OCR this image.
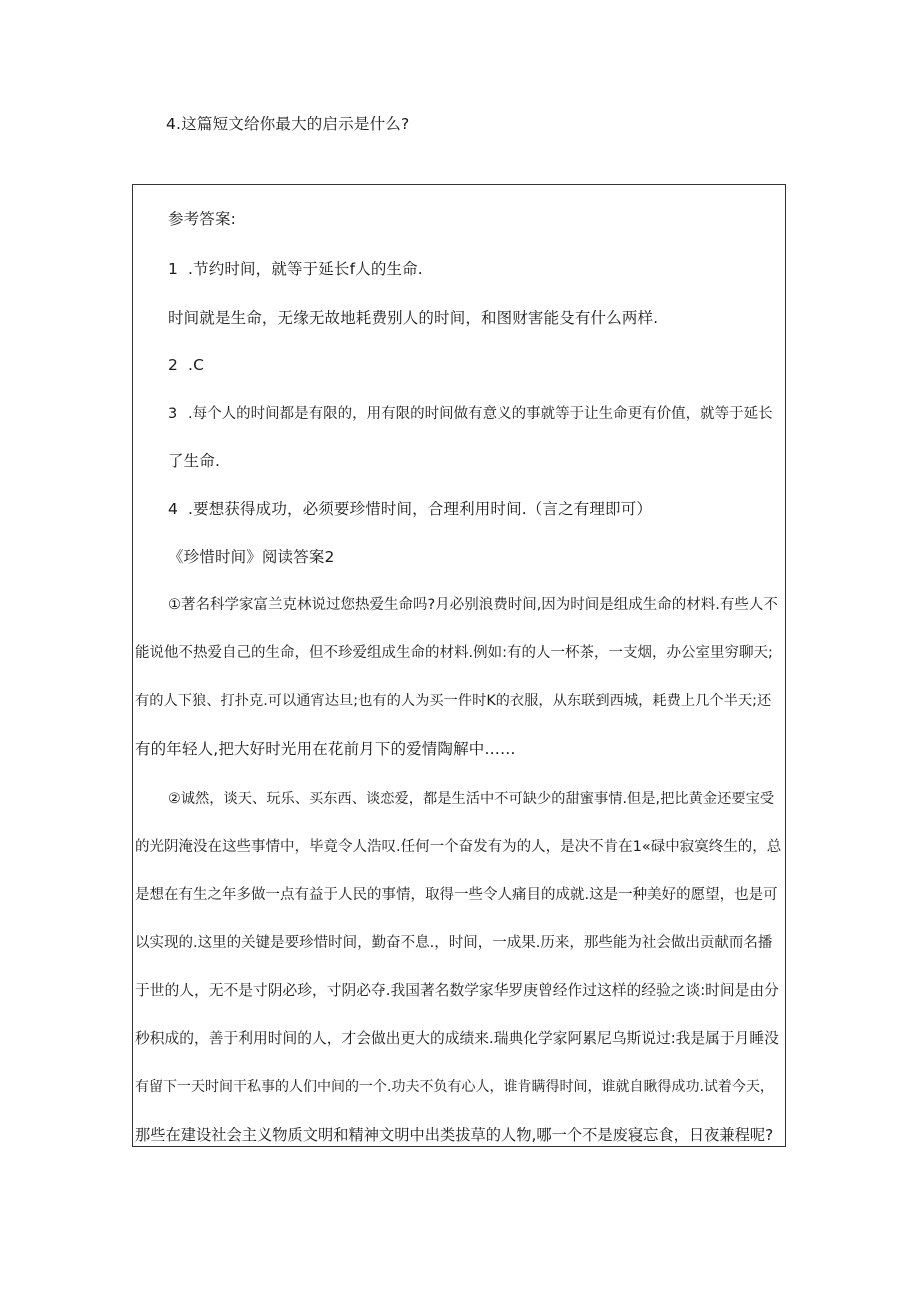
4.这篇短文给你最大的启示是什么?

参考答案:

1 .节约时间，就等于延长f人的生命.

时间就是生命，无缘无故地耗费别人的时间，和图财害能殳有什么两样.

2 .C

3 .每个人的时间都是有限的，用有限的时间做有意义的事就等于让生命更有价值，就等于延长

了生命.

4 .要想获得成功，必须要珍惜时间，合理利用时间.（言之有理即可）

《珍惜时间》阅读答案2

①著名科学家富兰克林说过您热爱生命吗?月必别浪费时间,因为时间是组成生命的材料.有些人不

能说他不热爱自己的生命，但不珍爱组成生命的材料.例如:有的人一杯茶，一支烟，办公室里穷聊天;

有的人下狼、打扑克.可以通宵达旦;也有的人为买一件时K的衣服，从东联到西城，耗费上几个半天;还

有的年轻人,把大好时光用在花前月下的爱情陶解中……

②诚然，谈天、玩乐、买东西、谈恋爱，都是生活中不可缺少的甜蜜事情.但是,把比黄金还要宝受

的光阴淹没在这些事情中，毕竟令人浩叹.任何一个奋发有为的人，是决不肯在1«碌中寂寞终生的，总

是想在有生之年多做一点有益于人民的事情，取得一些令人痛目的成就.这是一种美好的愿望，也是可

以实现的.这里的关键是要珍惜时间，勤奋不息.，时间，一成果.历来，那些能为社会做出贡献而名播

于世的人，无不是寸阴必珍，寸阴必夺.我国著名数学家华罗庚曾经作过这样的经验之谈:时间是由分

秒积成的，善于利用时间的人，才会做出更大的成绩来.瑞典化学家阿累尼乌斯说过:我是属于月睡没

有留下一天时间干私事的人们中间的一个.功夫不负有心人，谁肯瞒得时间，谁就自瞅得成功.试着今天，

那些在建设社会主义物质文明和精神文明中出类拔草的人物,哪一个不是废寝忘食，日夜兼程呢?
